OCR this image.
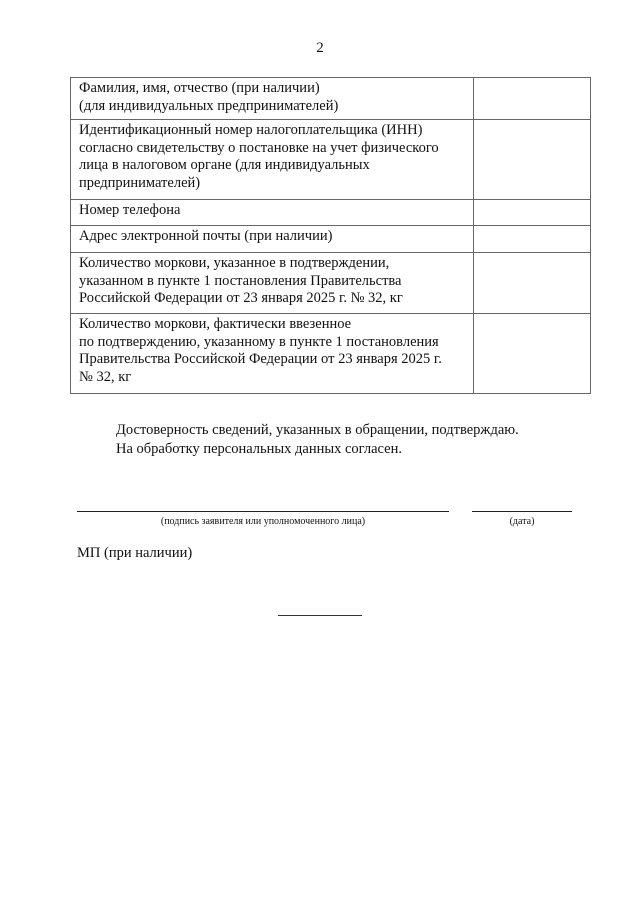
2
Фамилия, имя, отчество (при наличии)
(для индивидуальных предпринимателей)	

Идентификационный номер налогоплательщика (ИНН)
согласно свидетельству о постановке на учет физического
лица в налоговом органе (для индивидуальных
предпринимателей)	

Номер телефона	

Адрес электронной почты (при наличии)	

Количество моркови, указанное в подтверждении,
указанном в пункте 1 постановления Правительства
Российской Федерации от 23 января 2025 г. № 32, кг	

Количество моркови, фактически ввезенное
по подтверждению, указанному в пункте 1 постановления
Правительства Российской Федерации от 23 января 2025 г.
№ 32, кг	

Достоверность сведений, указанных в обращении, подтверждаю.
На обработку персональных данных согласен.
(подпись заявителя или уполномоченного лица)	(дата)
МП (при наличии)
